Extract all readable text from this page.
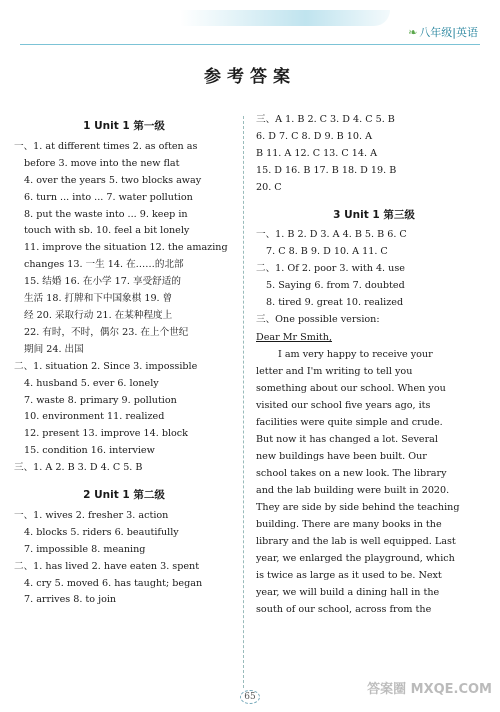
❧ 八年级|英语
参考答案
1 Unit 1 第一级
一、1. at different times 2. as often as
before 3. move into the new flat
4. over the years 5. two blocks away
6. turn ... into ... 7. water pollution
8. put the waste into ... 9. keep in
touch with sb. 10. feel a bit lonely
11. improve the situation 12. the amazing
changes 13. 一生 14. 在……的北部
15. 结婚 16. 在小学 17. 享受舒适的
生活 18. 打牌和下中国象棋 19. 曾
经 20. 采取行动 21. 在某种程度上
22. 有时，不时，偶尔 23. 在上个世纪
期间 24. 出国
二、1. situation 2. Since 3. impossible
4. husband 5. ever 6. lonely
7. waste 8. primary 9. pollution
10. environment 11. realized
12. present 13. improve 14. block
15. condition 16. interview
三、1. A 2. B 3. D 4. C 5. B
2 Unit 1 第二级
一、1. wives 2. fresher 3. action
4. blocks 5. riders 6. beautifully
7. impossible 8. meaning
二、1. has lived 2. have eaten 3. spent
4. cry 5. moved 6. has taught; began
7. arrives 8. to join
三、A 1. B 2. C 3. D 4. C 5. B
6. D 7. C 8. D 9. B 10. A
B 11. A 12. C 13. C 14. A
15. D 16. B 17. B 18. D 19. B
20. C
3 Unit 1 第三级
一、1. B 2. D 3. A 4. B 5. B 6. C
7. C 8. B 9. D 10. A 11. C
二、1. Of 2. poor 3. with 4. use
5. Saying 6. from 7. doubted
8. tired 9. great 10. realized
三、One possible version:
Dear Mr Smith,
I am very happy to receive your
letter and I'm writing to tell you
something about our school. When you
visited our school five years ago, its
facilities were quite simple and crude.
But now it has changed a lot. Several
new buildings have been built. Our
school takes on a new look. The library
and the lab building were built in 2020.
They are side by side behind the teaching
building. There are many books in the
library and the lab is well equipped. Last
year, we enlarged the playground, which
is twice as large as it used to be. Next
year, we will build a dining hall in the
south of our school, across from the
65	答案圈 MXQE.COM
